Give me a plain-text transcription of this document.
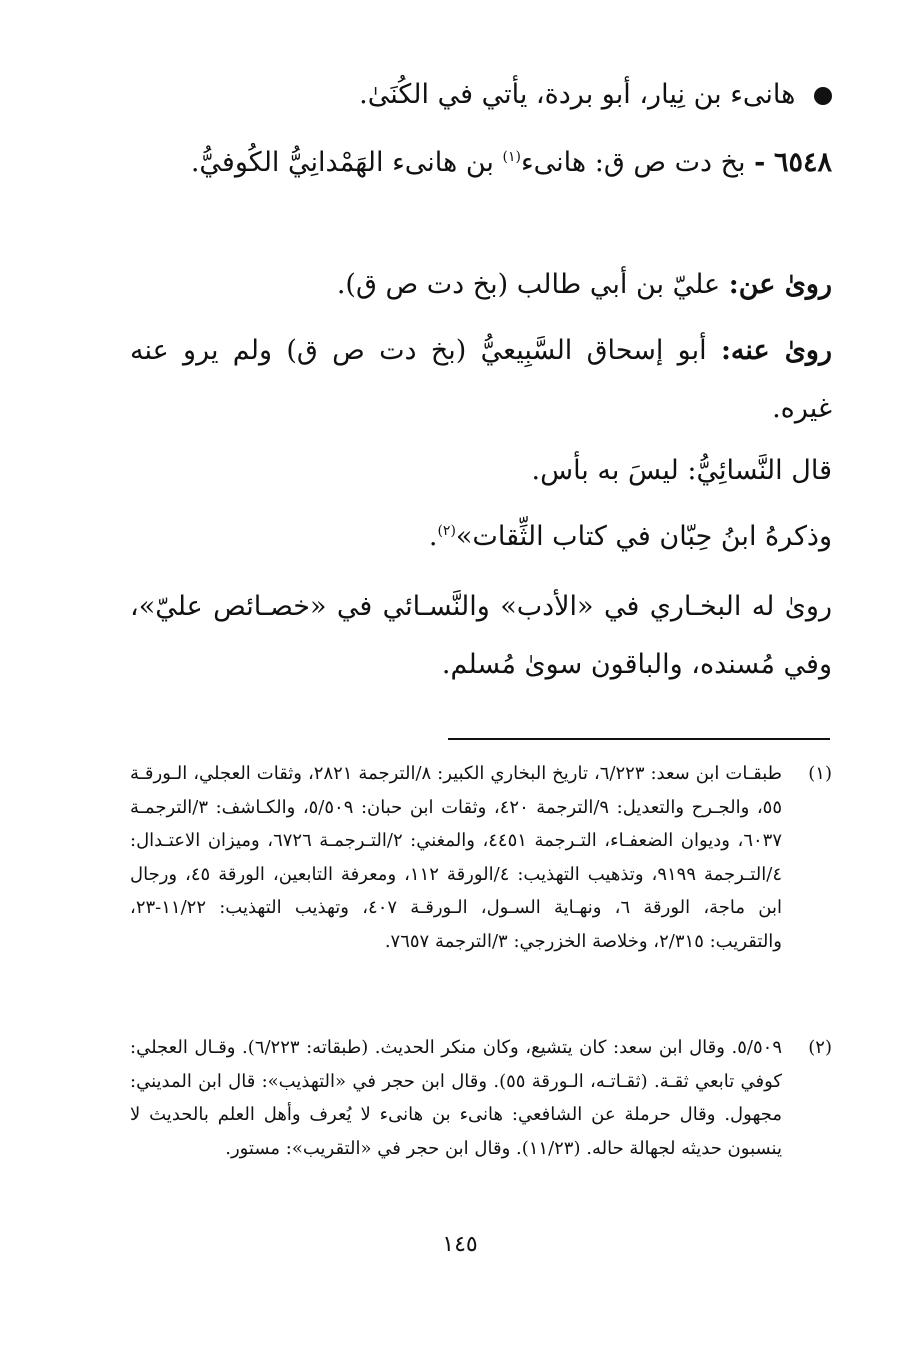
هانىء بن نِيار، أبو بردة، يأتي في الكُنَىٰ.
٦٥٤٨ - بخ دت ص ق: هانىء$^{(١)}$ بن هانىء الهَمْدانِيُّ الكُوفيُّ.
روىٰ عن: عليّ بن أبي طالب (بخ دت ص ق).
روىٰ عنه: أبو إسحاق السَّبِيعيُّ (بخ دت ص ق) ولم يرو عنه غيره.
قال النَّسائِيُّ: ليسَ به بأس.
وذكرهُ ابنُ حِبّان في كتاب الثِّقات»$^{(٢)}$.
روىٰ له البخـاري في «الأدب» والنَّسـائي في «خصـائص عليّ»، وفي مُسنده، والباقون سوىٰ مُسلم.
(١)
طبقـات ابن سعد: ٦/٢٢٣، تاريخ البخاري الكبير: ٨/الترجمة ٢٨٢١، وثقات العجلي، الـورقـة ٥٥، والجـرح والتعديل: ٩/الترجمة ٤٢٠، وثقات ابن حبان: ٥/٥٠٩، والكـاشف: ٣/الترجمـة ٦٠٣٧، وديوان الضعفـاء، التـرجمة ٤٤٥١، والمغني: ٢/التـرجمـة ٦٧٢٦، وميزان الاعتـدال: ٤/التـرجمة ٩١٩٩، وتذهيب التهذيب: ٤/الورقة ١١٢، ومعرفة التابعين، الورقة ٤٥، ورجال ابن ماجة، الورقة ٦، ونهـاية السـول، الـورقـة ٤٠٧، وتهذيب التهذيب: ١١/٢٢-٢٣، والتقريب: ٢/٣١٥، وخلاصة الخزرجي: ٣/الترجمة ٧٦٥٧.
(٢)
٥/٥٠٩. وقال ابن سعد: كان يتشيع، وكان منكر الحديث. (طبقاته: ٦/٢٢٣). وقـال العجلي: كوفي تابعي ثقـة. (ثقـاتـه، الـورقة ٥٥). وقال ابن حجر في «التهذيب»: قال ابن المديني: مجهول. وقال حرملة عن الشافعي: هانىء بن هانىء لا يُعرف وأهل العلم بالحديث لا ينسبون حديثه لجهالة حاله. (١١/٢٣). وقال ابن حجر في «التقريب»: مستور.
١٤٥
